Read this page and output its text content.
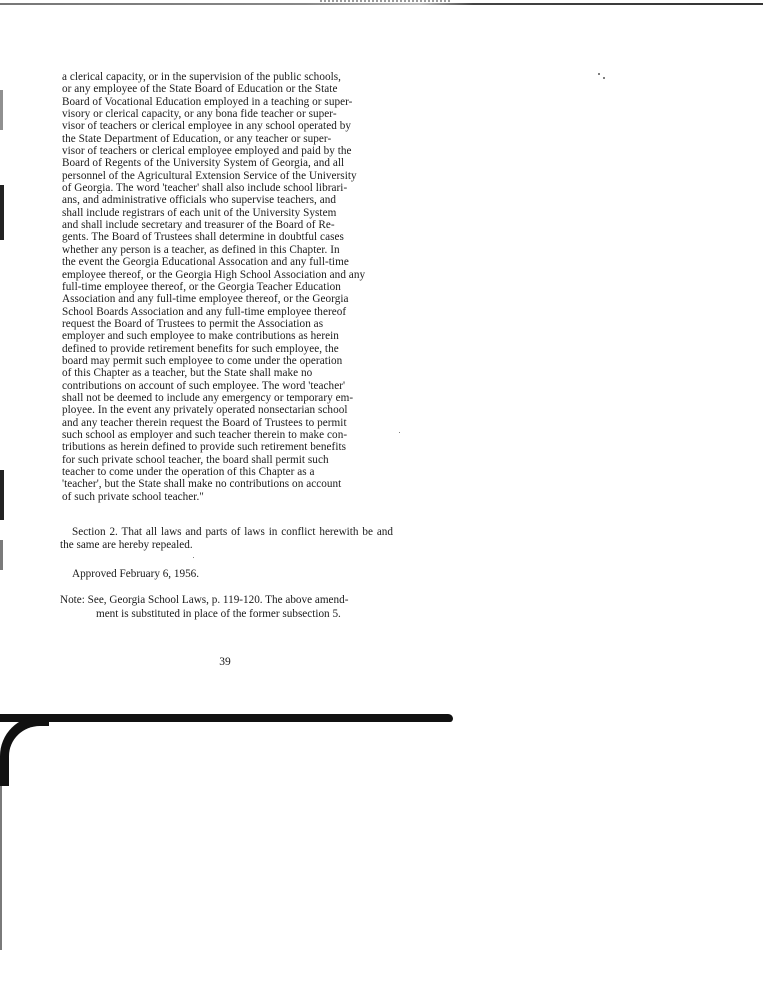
a clerical capacity, or in the supervision of the public schools,
or any employee of the State Board of Education or the State
Board of Vocational Education employed in a teaching or super-
visory or clerical capacity, or any bona fide teacher or super-
visor of teachers or clerical employee in any school operated by
the State Department of Education, or any teacher or super-
visor of teachers or clerical employee employed and paid by the
Board of Regents of the University System of Georgia, and all
personnel of the Agricultural Extension Service of the University
of Georgia. The word 'teacher' shall also include school librari-
ans, and administrative officials who supervise teachers, and
shall include registrars of each unit of the University System
and shall include secretary and treasurer of the Board of Re-
gents. The Board of Trustees shall determine in doubtful cases
whether any person is a teacher, as defined in this Chapter. In
the event the Georgia Educational Assocation and any full-time
employee thereof, or the Georgia High School Association and any
full-time employee thereof, or the Georgia Teacher Education
Association and any full-time employee thereof, or the Georgia
School Boards Association and any full-time employee thereof
request the Board of Trustees to permit the Association as
employer and such employee to make contributions as herein
defined to provide retirement benefits for such employee, the
board may permit such employee to come under the operation
of this Chapter as a teacher, but the State shall make no
contributions on account of such employee. The word 'teacher'
shall not be deemed to include any emergency or temporary em-
ployee. In the event any privately operated nonsectarian school
and any teacher therein request the Board of Trustees to permit
such school as employer and such teacher therein to make con-
tributions as herein defined to provide such retirement benefits
for such private school teacher, the board shall permit such
teacher to come under the operation of this Chapter as a
'teacher', but the State shall make no contributions on account
of such private school teacher."

Section 2. That all laws and parts of laws in conflict herewith be and the same are hereby repealed.

Approved February 6, 1956.

Note: See, Georgia School Laws, p. 119-120. The above amend-
ment is substituted in place of the former subsection 5.

39
